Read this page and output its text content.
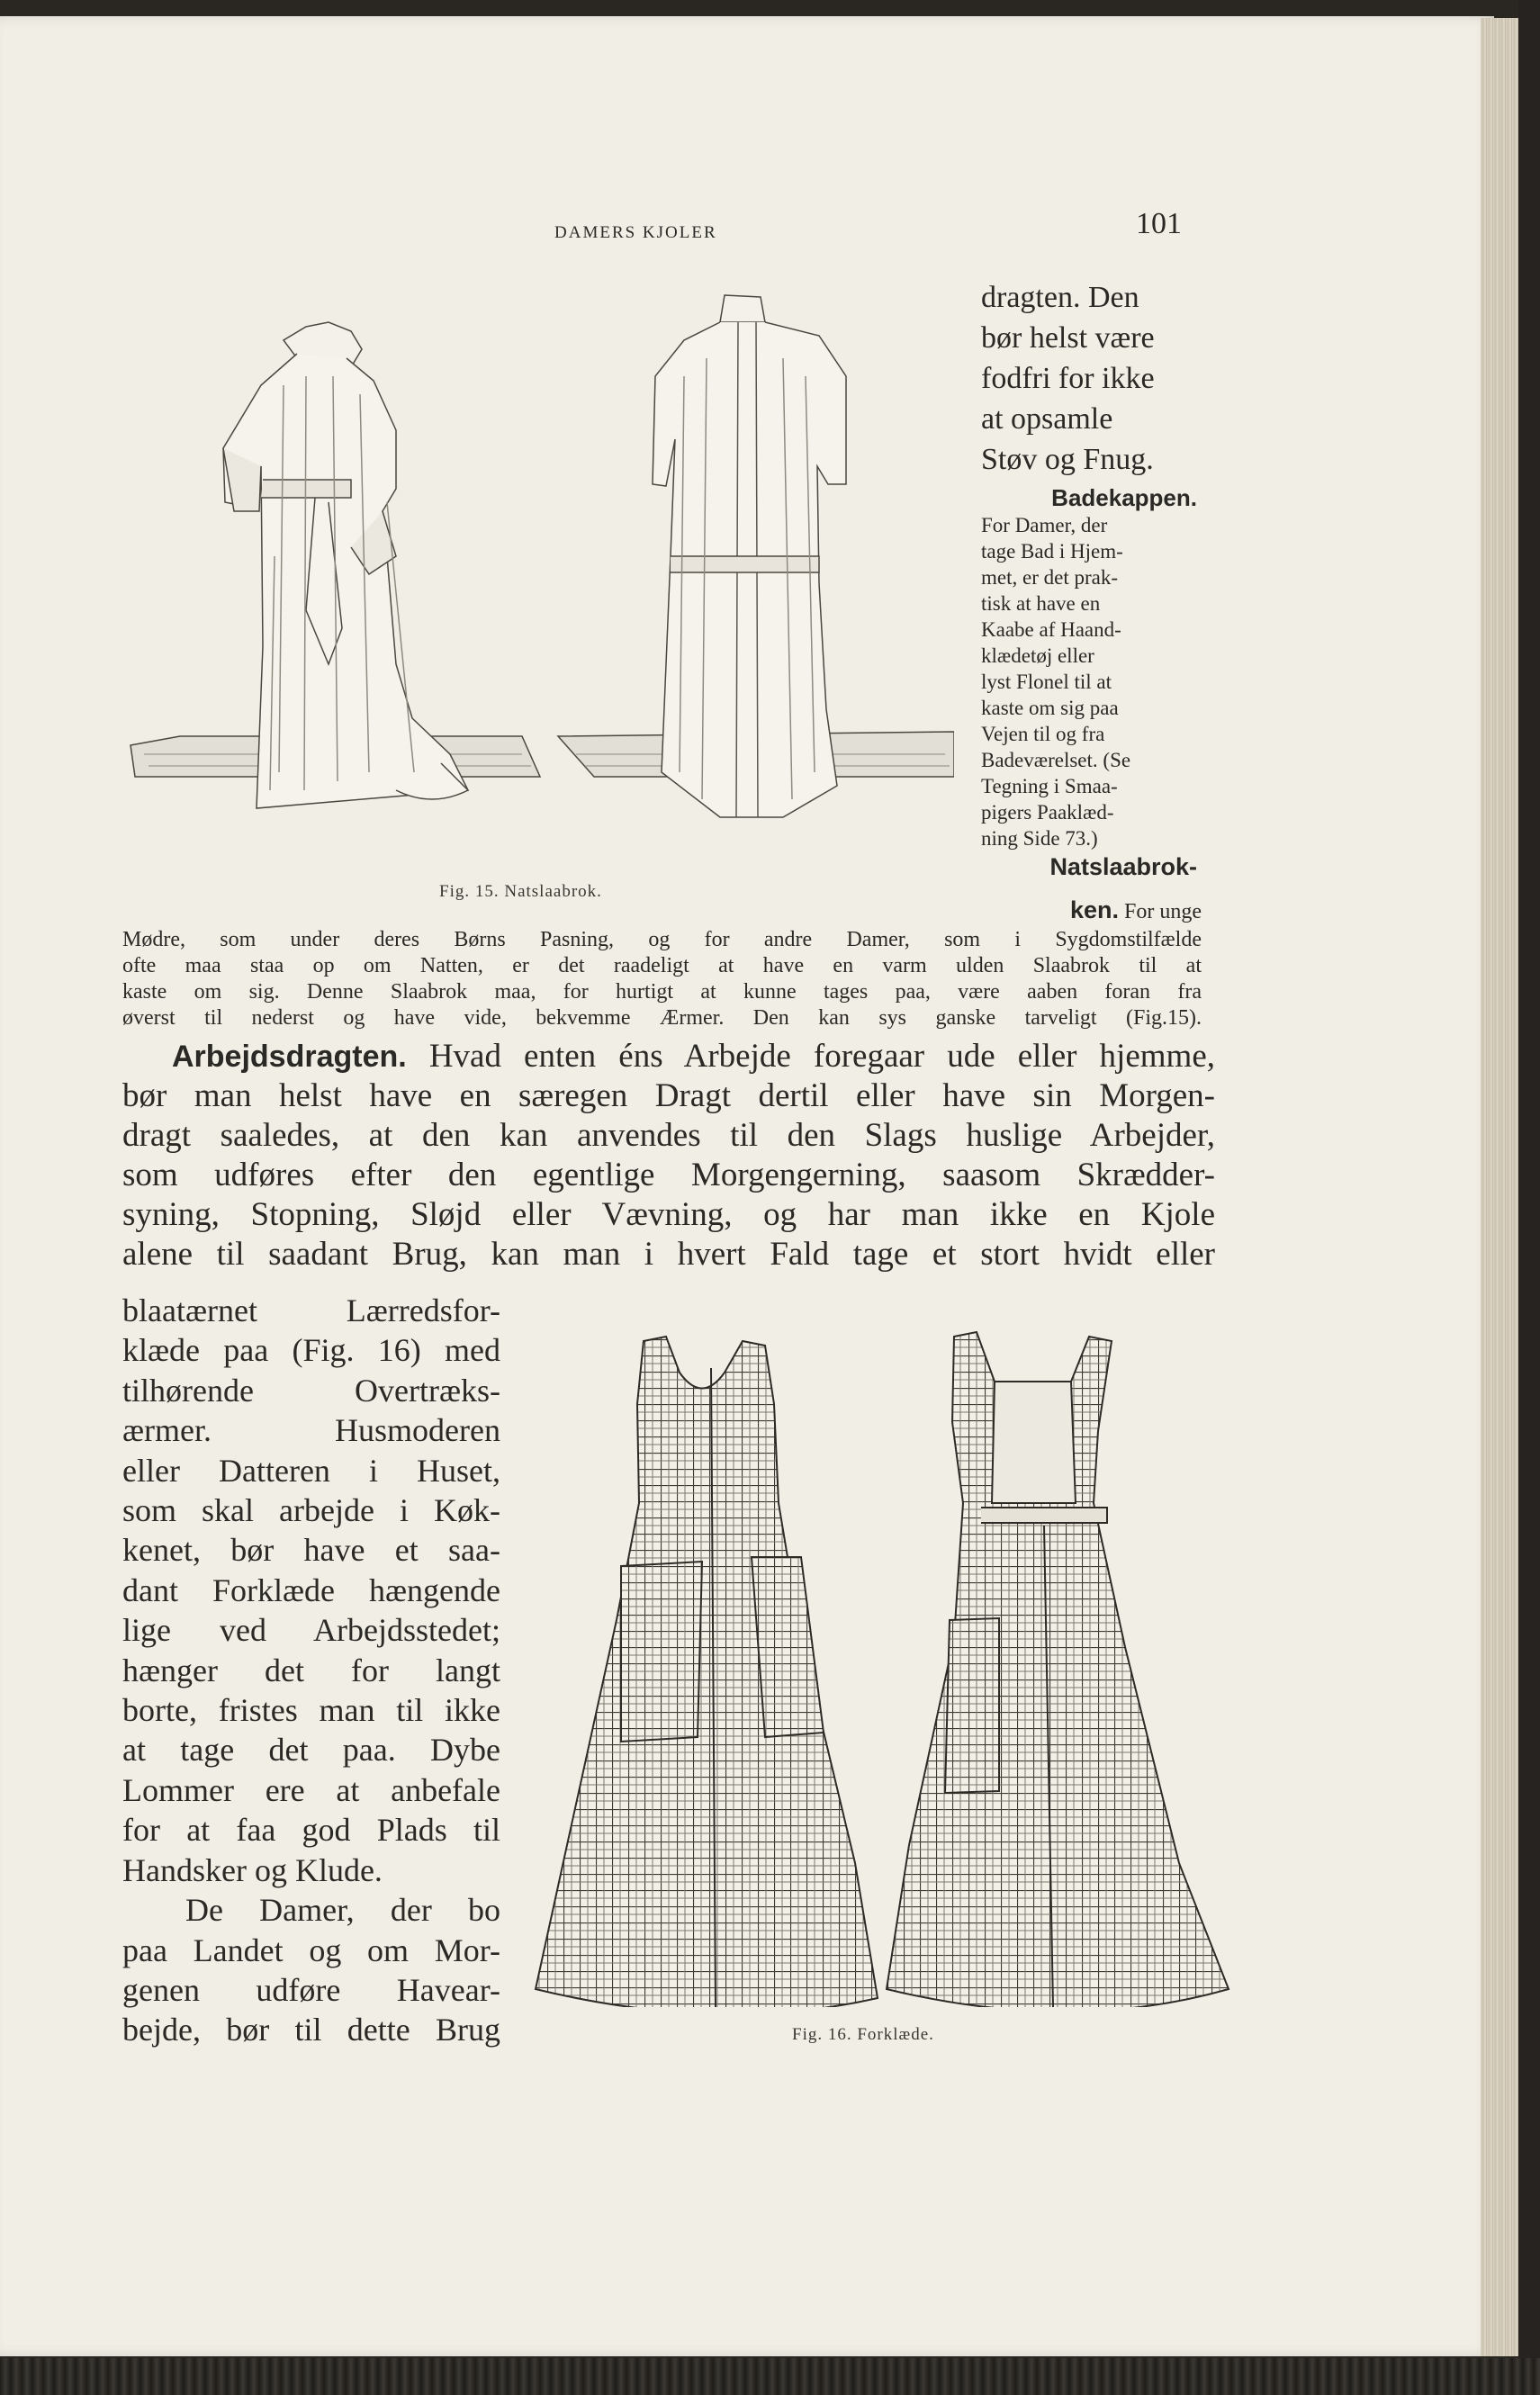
DAMERS KJOLER	101
Fig. 15. Natslaabrok.
dragten. Den
bør helst være
fodfri for ikke
at opsamle
Støv og Fnug.
Badekappen.
For Damer, der
tage Bad i Hjem-
met, er det prak-
tisk at have en
Kaabe af Haand-
klædetøj eller
lyst Flonel til at
kaste om sig paa
Vejen til og fra
Badeværelset. (Se
Tegning i Smaa-
pigers Paaklæd-
ning Side 73.)
Natslaabrok-
ken. For unge
Mødre, som under deres Børns Pasning, og for andre Damer, som i Sygdomstilfælde
ofte maa staa op om Natten, er det raadeligt at have en varm ulden Slaabrok til at
kaste om sig. Denne Slaabrok maa, for hurtigt at kunne tages paa, være aaben foran fra
øverst til nederst og have vide, bekvemme Ærmer. Den kan sys ganske tarveligt (Fig.15).
Arbejdsdragten. Hvad enten éns Arbejde foregaar ude eller hjemme,
bør man helst have en særegen Dragt dertil eller have sin Morgen-
dragt saaledes, at den kan anvendes til den Slags huslige Arbejder,
som udføres efter den egentlige Morgengerning, saasom Skrædder-
syning, Stopning, Sløjd eller Vævning, og har man ikke en Kjole
alene til saadant Brug, kan man i hvert Fald tage et stort hvidt eller
blaatærnet Lærredsfor-
klæde paa (Fig. 16) med
tilhørende Overtræks-
ærmer. Husmoderen
eller Datteren i Huset,
som skal arbejde i Køk-
kenet, bør have et saa-
dant Forklæde hængende
lige ved Arbejdsstedet;
hænger det for langt
borte, fristes man til ikke
at tage det paa. Dybe
Lommer ere at anbefale
for at faa god Plads til
Handsker og Klude.
De Damer, der bo
paa Landet og om Mor-
genen udføre Havear-
bejde, bør til dette Brug	Fig. 16. Forklæde.
